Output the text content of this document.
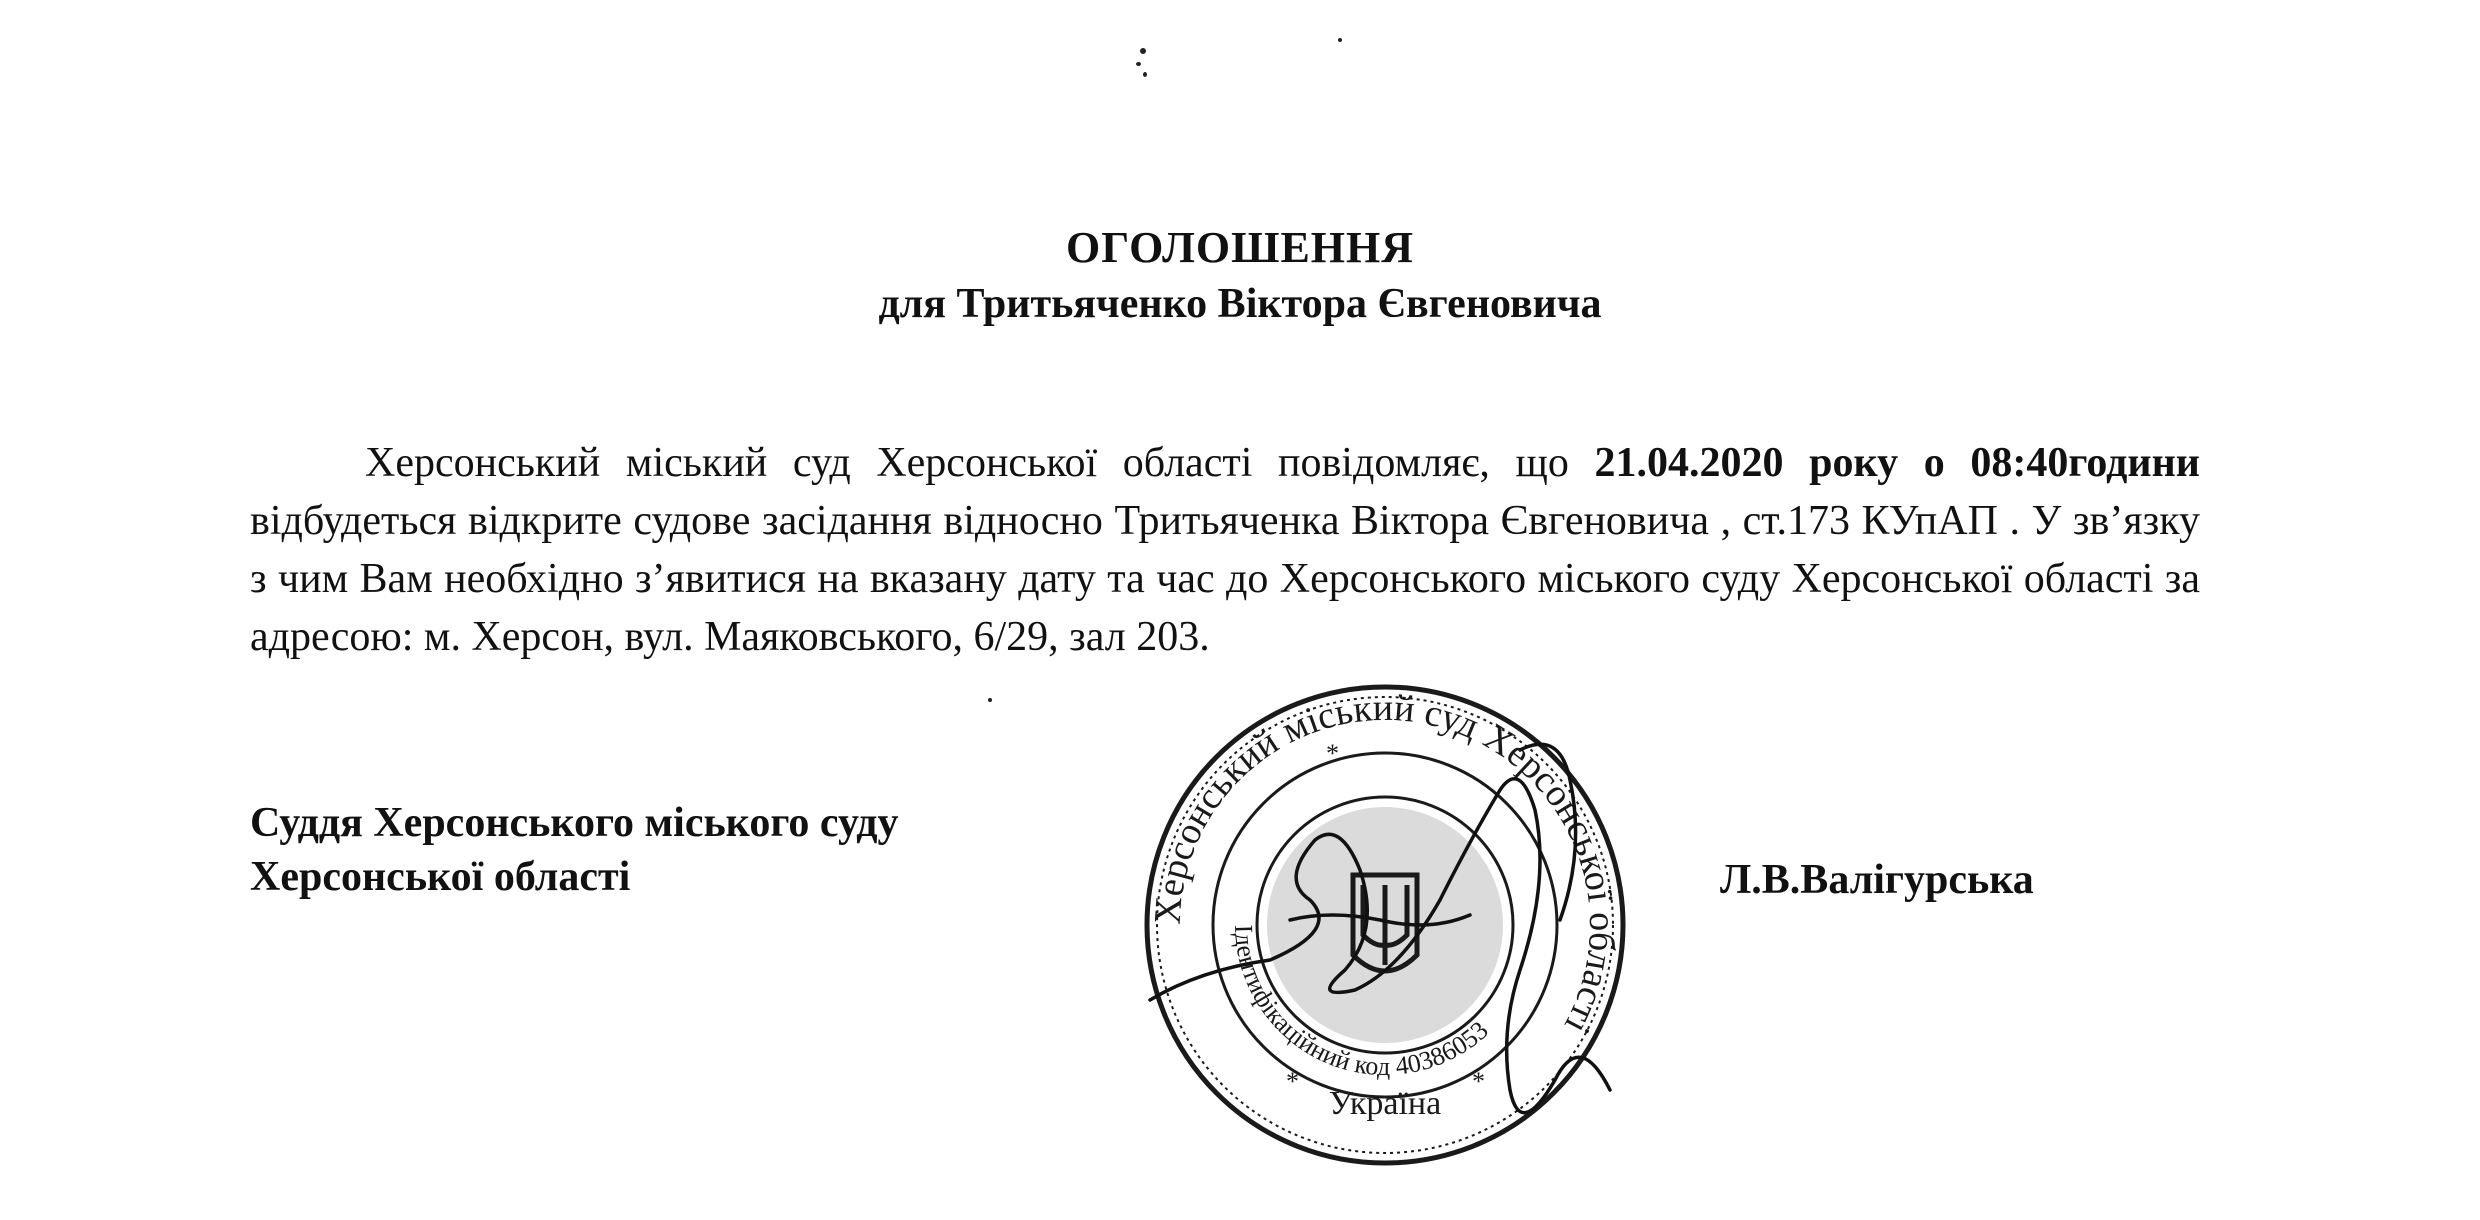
ОГОЛОШЕННЯ
для Тритьяченко Віктора Євгеновича

Херсонський міський суд Херсонської області повідомляє, що 21.04.2020 року о 08:40години відбудеться відкрите судове засідання відносно Тритьяченка Віктора Євгеновича , ст.173 КУпАП . У зв’язку з чим Вам необхідно з’явитися на вказану дату та час до Херсонського міського суду Херсонської області за адресою: м. Херсон, вул. Маяковського, 6/29, зал 203.

Суддя Херсонського міського суду
Херсонської області	Л.В.Валігурська
Херсонський міський суд Херсонської області
Ідентифікаційний код 40386053
Україна
*
*
*
